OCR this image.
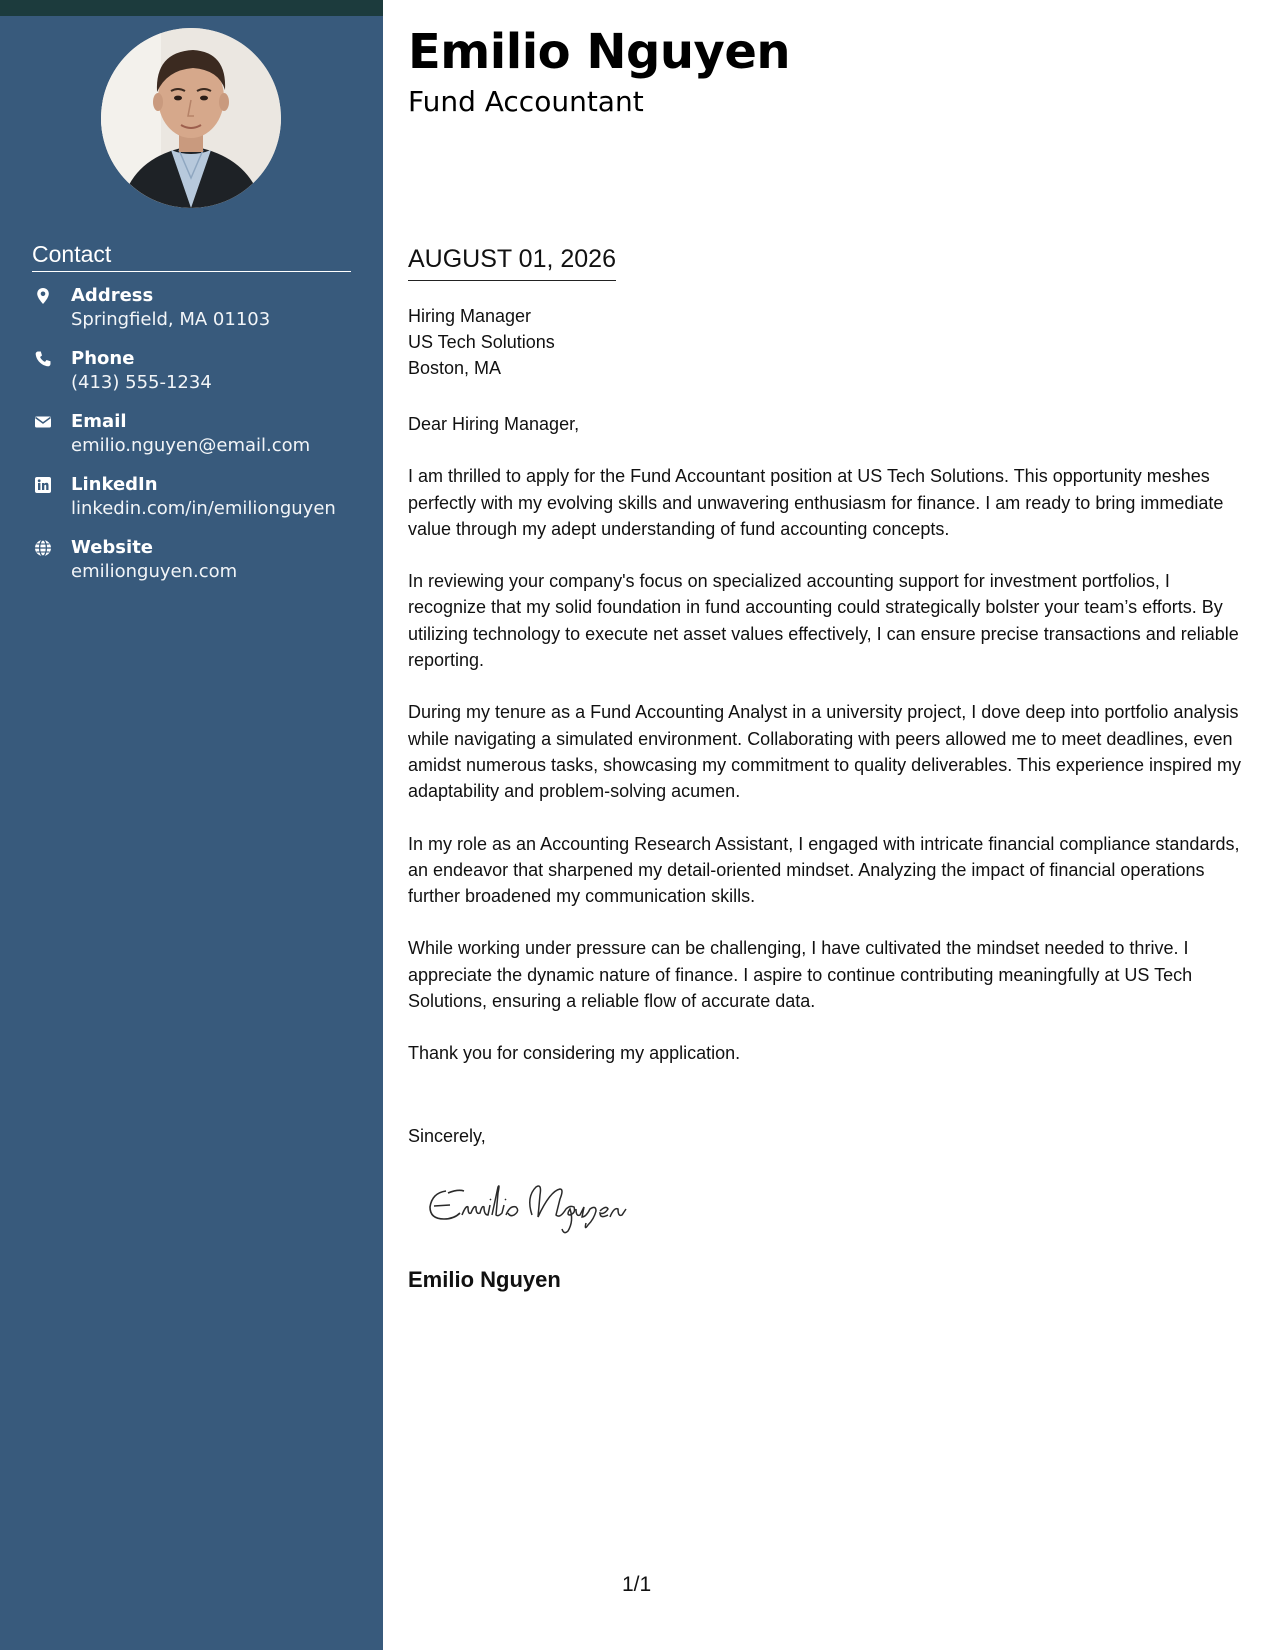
Contact
Address
Springfield, MA 01103
Phone
(413) 555-1234
Email
emilio.nguyen@email.com
LinkedIn
linkedin.com/in/emilionguyen
Website
emilionguyen.com
Emilio Nguyen
Fund Accountant
AUGUST 01, 2026
Hiring Manager
US Tech Solutions
Boston, MA

Dear Hiring Manager,

I am thrilled to apply for the Fund Accountant position at US Tech Solutions. This opportunity meshes perfectly with my evolving skills and unwavering enthusiasm for finance. I am ready to bring immediate value through my adept understanding of fund accounting concepts.

In reviewing your company's focus on specialized accounting support for investment portfolios, I recognize that my solid foundation in fund accounting could strategically bolster your team’s efforts. By utilizing technology to execute net asset values effectively, I can ensure precise transactions and reliable reporting.

During my tenure as a Fund Accounting Analyst in a university project, I dove deep into portfolio analysis while navigating a simulated environment. Collaborating with peers allowed me to meet deadlines, even amidst numerous tasks, showcasing my commitment to quality deliverables. This experience inspired my adaptability and problem-solving acumen.

In my role as an Accounting Research Assistant, I engaged with intricate financial compliance standards, an endeavor that sharpened my detail-oriented mindset. Analyzing the impact of financial operations further broadened my communication skills.

While working under pressure can be challenging, I have cultivated the mindset needed to thrive. I appreciate the dynamic nature of finance. I aspire to continue contributing meaningfully at US Tech Solutions, ensuring a reliable flow of accurate data.

Thank you for considering my application.

Sincerely,
Emilio Nguyen
1/1
